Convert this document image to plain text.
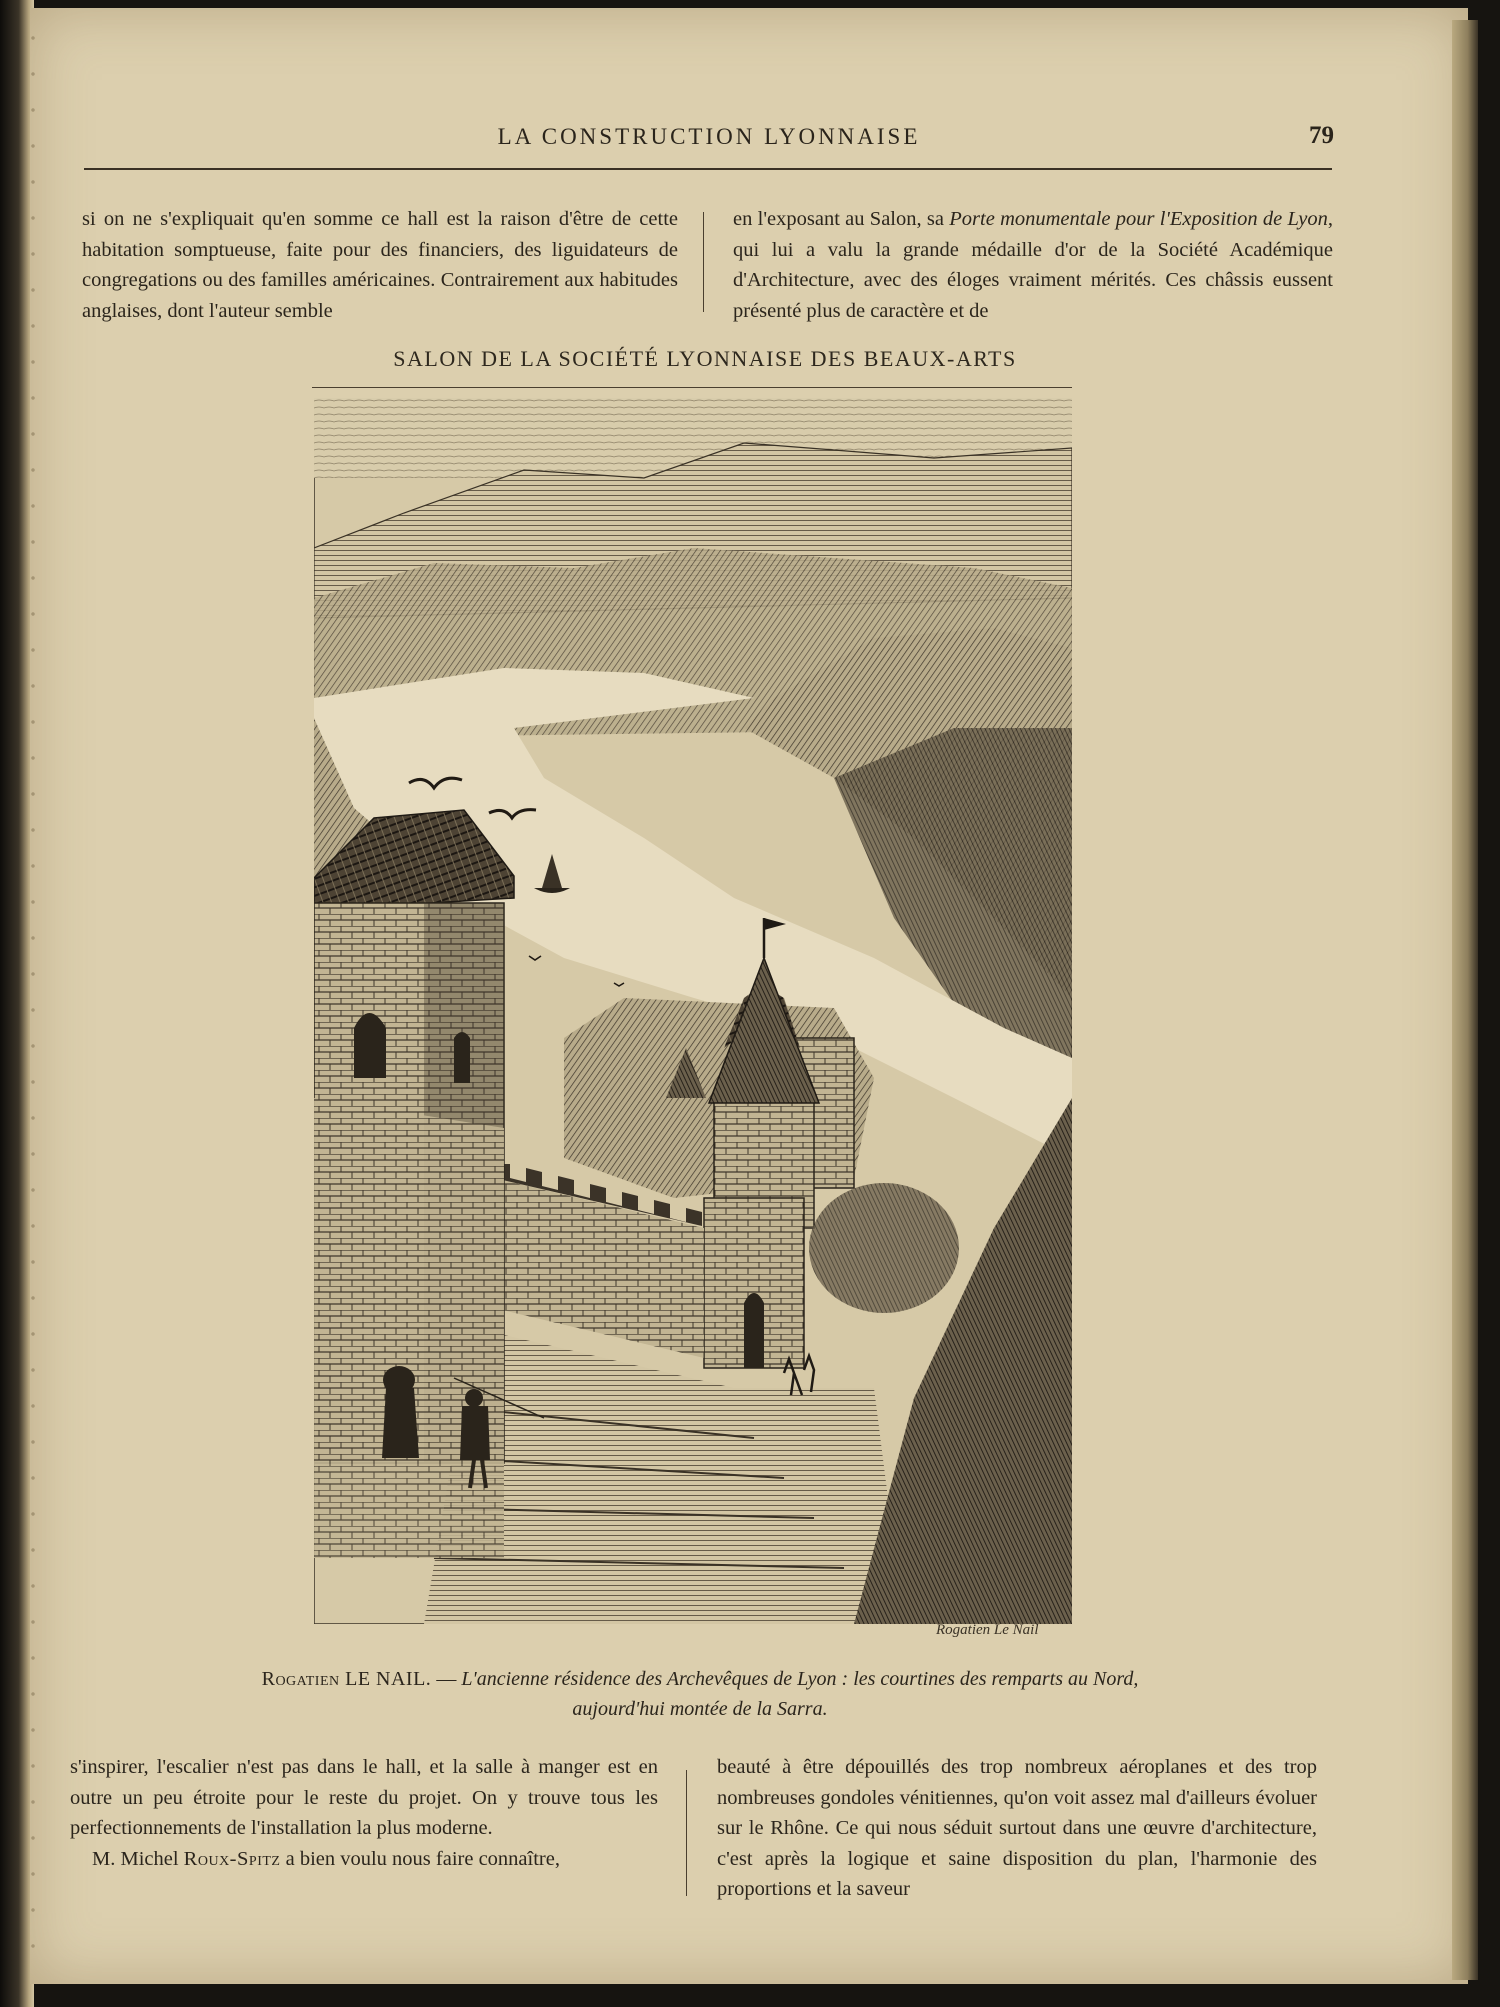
LA CONSTRUCTION LYONNAISE	79

si on ne s'expliquait qu'en somme ce hall est la raison d'être de cette habitation somptueuse, faite pour des financiers, des liguidateurs de congregations ou des familles américaines. Contrairement aux habitudes anglaises, dont l'auteur semble

en l'exposant au Salon, sa Porte monumentale pour l'Exposition de Lyon, qui lui a valu la grande médaille d'or de la Société Académique d'Architecture, avec des éloges vraiment mérités. Ces châssis eussent présenté plus de caractère et de

SALON DE LA SOCIÉTÉ LYONNAISE DES BEAUX-ARTS
Rogatien Le Nail
Rogatien LE NAIL. — L'ancienne résidence des Archevêques de Lyon : les courtines des remparts au Nord,
aujourd'hui montée de la Sarra.

s'inspirer, l'escalier n'est pas dans le hall, et la salle à manger est en outre un peu étroite pour le reste du projet. On y trouve tous les perfectionnements de l'installation la plus moderne.

M. Michel Roux-Spitz a bien voulu nous faire connaître,

beauté à être dépouillés des trop nombreux aéroplanes et des trop nombreuses gondoles vénitiennes, qu'on voit assez mal d'ailleurs évoluer sur le Rhône. Ce qui nous séduit surtout dans une œuvre d'architecture, c'est après la logique et saine disposition du plan, l'harmonie des proportions et la saveur
